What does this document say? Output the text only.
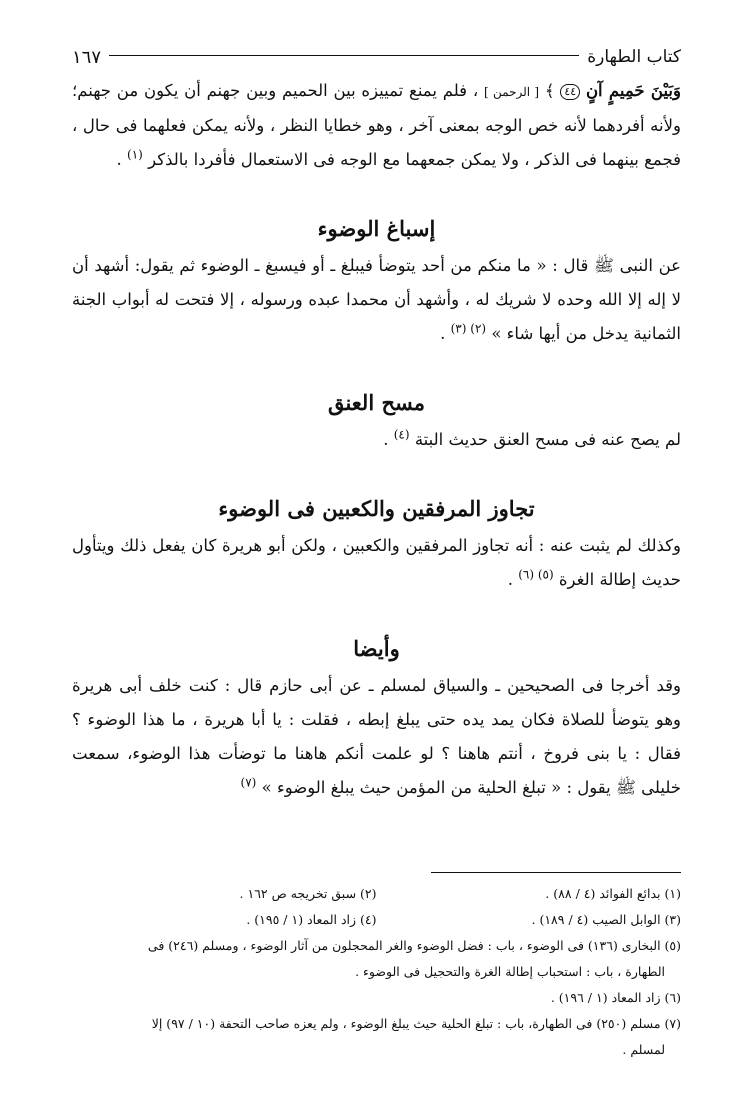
كتاب الطهارة
١٦٧

وَبَيْنَ حَمِيمٍ آنٍ ٤٤ ﴾ [ الرحمن ] ، فلم يمنع تمييزه بين الحميم وبين جهنم أن يكون من جهنم؛ ولأنه أفردهما لأنه خص الوجه بمعنى آخر ، وهو خطايا النظر ، ولأنه يمكن فعلهما فى حال ، فجمع بينهما فى الذكر ، ولا يمكن جمعهما مع الوجه فى الاستعمال فأفردا بالذكر $^{(١)}$ .

إسباغ الوضوء

عن النبى ﷺ قال : « ما منكم من أحد يتوضأ فيبلغ ـ أو فيسبغ ـ الوضوء ثم يقول: أشهد أن لا إله إلا الله وحده لا شريك له ، وأشهد أن محمدا عبده ورسوله ، إلا فتحت له أبواب الجنة الثمانية يدخل من أيها شاء » $^{(٢) (٣)}$ .

مسح العنق

لم يصح عنه فى مسح العنق حديث البتة $^{(٤)}$ .

تجاوز المرفقين والكعبين فى الوضوء

وكذلك لم يثبت عنه : أنه تجاوز المرفقين والكعبين ، ولكن أبو هريرة كان يفعل ذلك ويتأول حديث إطالة الغرة $^{(٥) (٦)}$ .

وأيضا

وقد أخرجا فى الصحيحين ـ والسياق لمسلم ـ عن أبى حازم قال : كنت خلف أبى هريرة وهو يتوضأ للصلاة فكان يمد يده حتى يبلغ إبطه ، فقلت : يا أبا هريرة ، ما هذا الوضوء ؟ فقال : يا بنى فروخ ، أنتم هاهنا ؟ لو علمت أنكم هاهنا ما توضأت هذا الوضوء، سمعت خليلى ﷺ يقول : « تبلغ الحلية من المؤمن حيث يبلغ الوضوء » $^{(٧)}$

(١) بدائع الفوائد (٤ / ٨٨) .
(٢) سبق تخريجه ص ١٦٢ .
(٣) الوابل الصيب (٤ / ١٨٩) .
(٤) زاد المعاد (١ / ١٩٥) .
(٥) البخارى (١٣٦) فى الوضوء ، باب : فضل الوضوء والغر المحجلون من آثار الوضوء ، ومسلم (٢٤٦) فى
الطهارة ، باب : استحباب إطالة الغرة والتحجيل فى الوضوء .
(٦) زاد المعاد (١ / ١٩٦) .
(٧) مسلم (٢٥٠) فى الطهارة، باب : تبلغ الحلية حيث يبلغ الوضوء ، ولم يعزه صاحب التحفة (١٠ / ٩٧) إلا
لمسلم .
